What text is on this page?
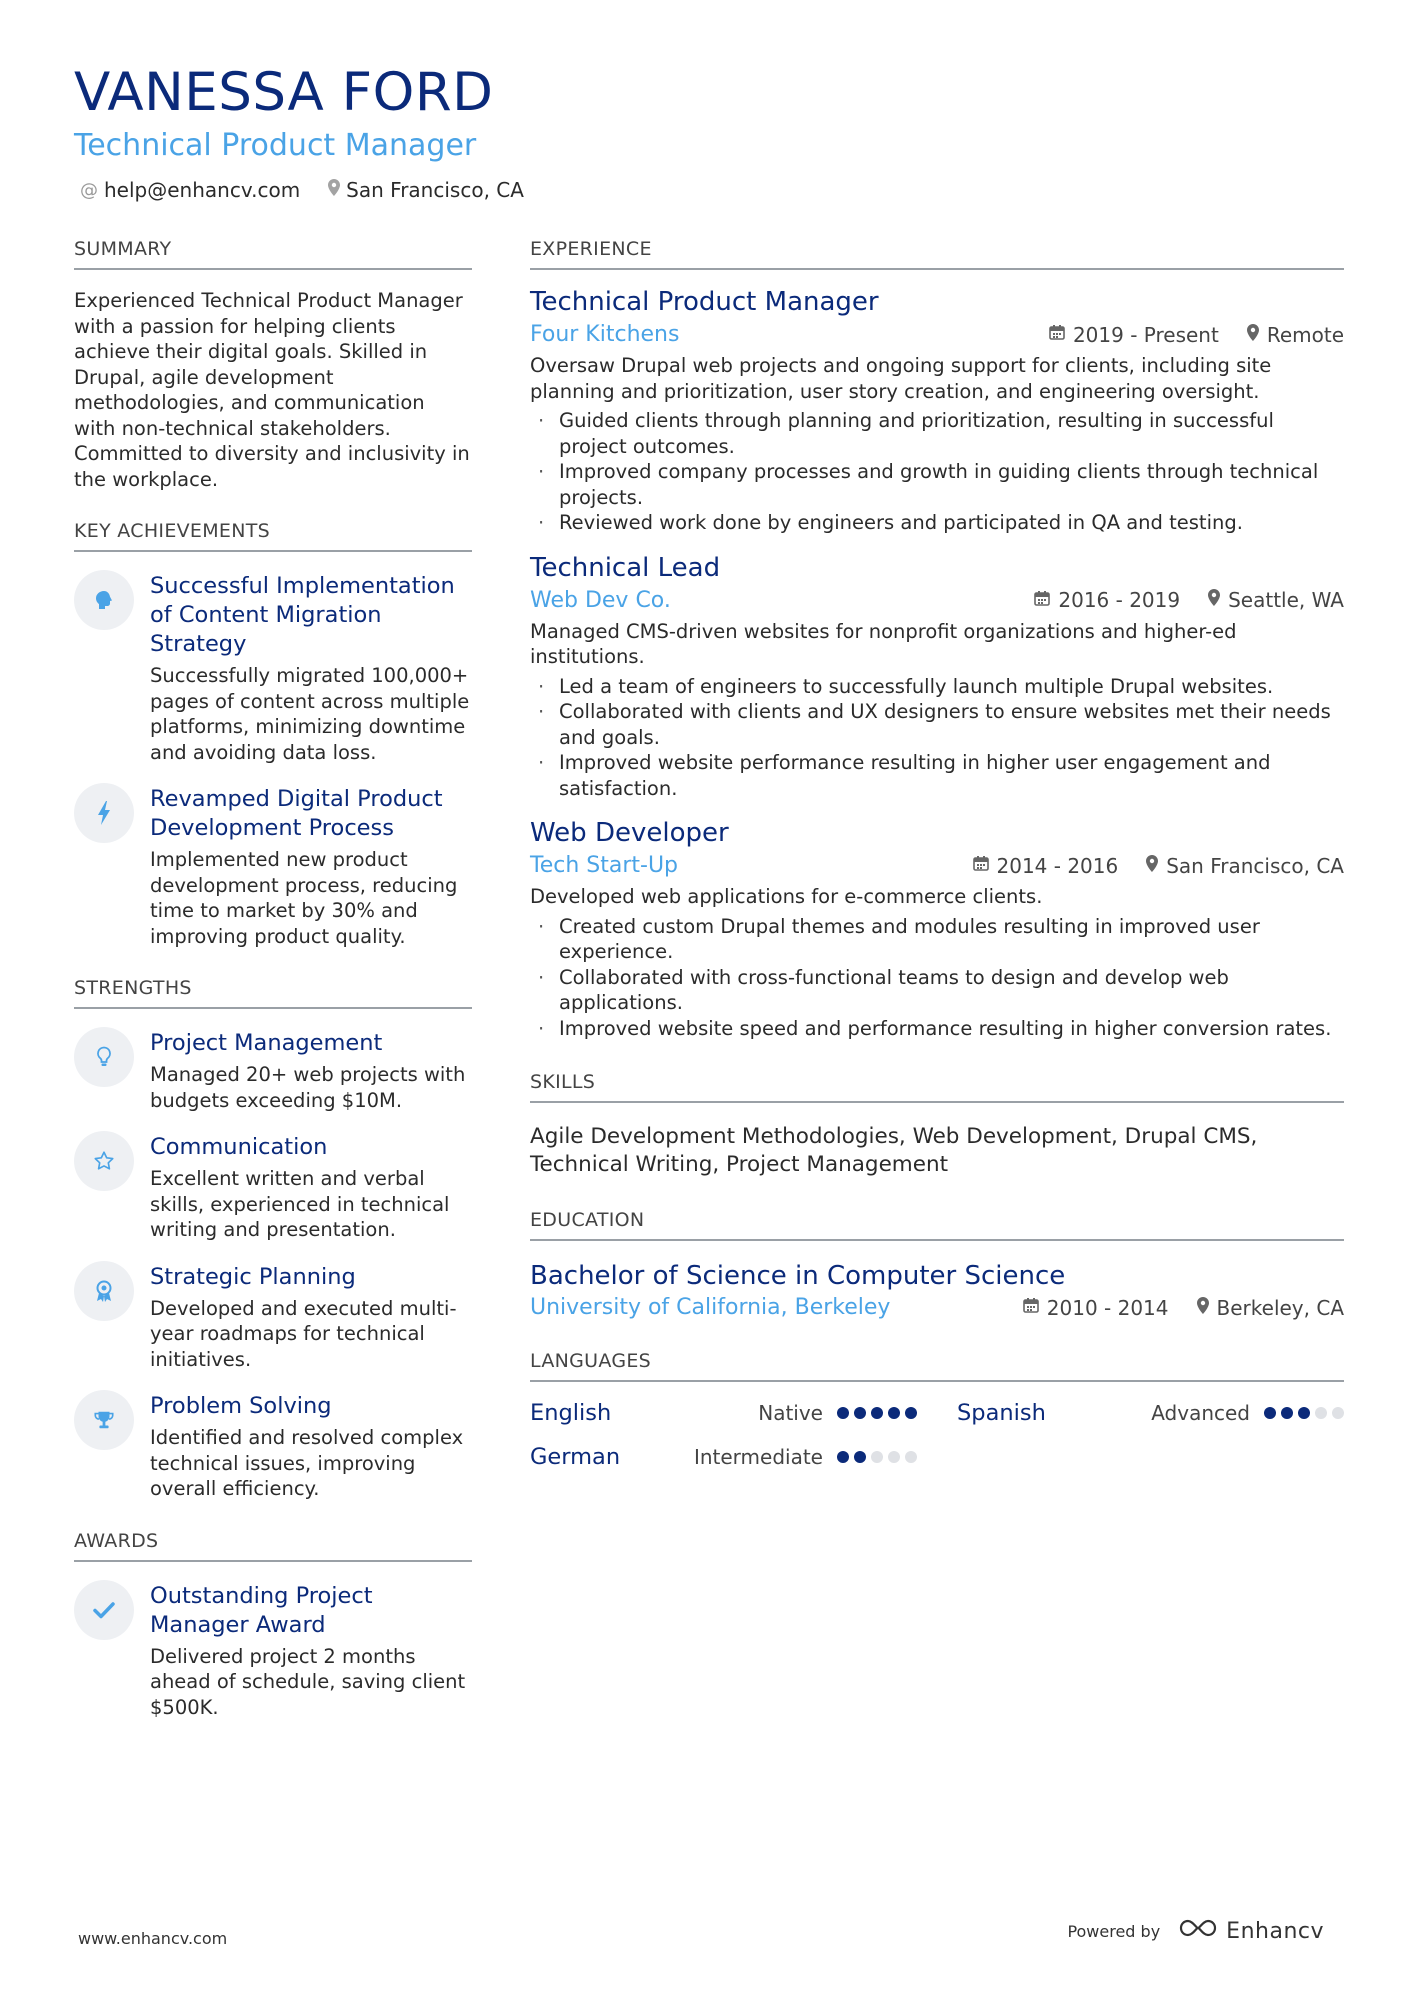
VANESSA FORD
Technical Product Manager
@ help@enhancv.com San Francisco, CA
SUMMARY
Experienced Technical Product Manager with a passion for helping clients achieve their digital goals. Skilled in Drupal, agile development methodologies, and communication with non-technical stakeholders. Committed to diversity and inclusivity in the workplace.
KEY ACHIEVEMENTS
Successful Implementation of Content Migration Strategy
Successfully migrated 100,000+ pages of content across multiple platforms, minimizing downtime and avoiding data loss.
Revamped Digital Product Development Process
Implemented new product development process, reducing time to market by 30% and improving product quality.
STRENGTHS
Project Management
Managed 20+ web projects with budgets exceeding $10M.
Communication
Excellent written and verbal skills, experienced in technical writing and presentation.
Strategic Planning
Developed and executed multi-year roadmaps for technical initiatives.
Problem Solving
Identified and resolved complex technical issues, improving overall efficiency.
AWARDS
Outstanding Project Manager Award
Delivered project 2 months ahead of schedule, saving client $500K.
EXPERIENCE
Technical Product Manager
Four Kitchens	2019 - Present Remote
Oversaw Drupal web projects and ongoing support for clients, including site planning and prioritization, user story creation, and engineering oversight.
· Guided clients through planning and prioritization, resulting in successful project outcomes.
· Improved company processes and growth in guiding clients through technical projects.
· Reviewed work done by engineers and participated in QA and testing.
Technical Lead
Web Dev Co.	2016 - 2019 Seattle, WA
Managed CMS-driven websites for nonprofit organizations and higher-ed institutions.
· Led a team of engineers to successfully launch multiple Drupal websites.
· Collaborated with clients and UX designers to ensure websites met their needs and goals.
· Improved website performance resulting in higher user engagement and satisfaction.
Web Developer
Tech Start-Up	2014 - 2016 San Francisco, CA
Developed web applications for e-commerce clients.
· Created custom Drupal themes and modules resulting in improved user experience.
· Collaborated with cross-functional teams to design and develop web applications.
· Improved website speed and performance resulting in higher conversion rates.
SKILLS
Agile Development Methodologies, Web Development, Drupal CMS, Technical Writing, Project Management
EDUCATION
Bachelor of Science in Computer Science
University of California, Berkeley	2010 - 2014 Berkeley, CA
LANGUAGES
English	Native	Spanish	Advanced
German	Intermediate
www.enhancv.com	Powered by	Enhancv
